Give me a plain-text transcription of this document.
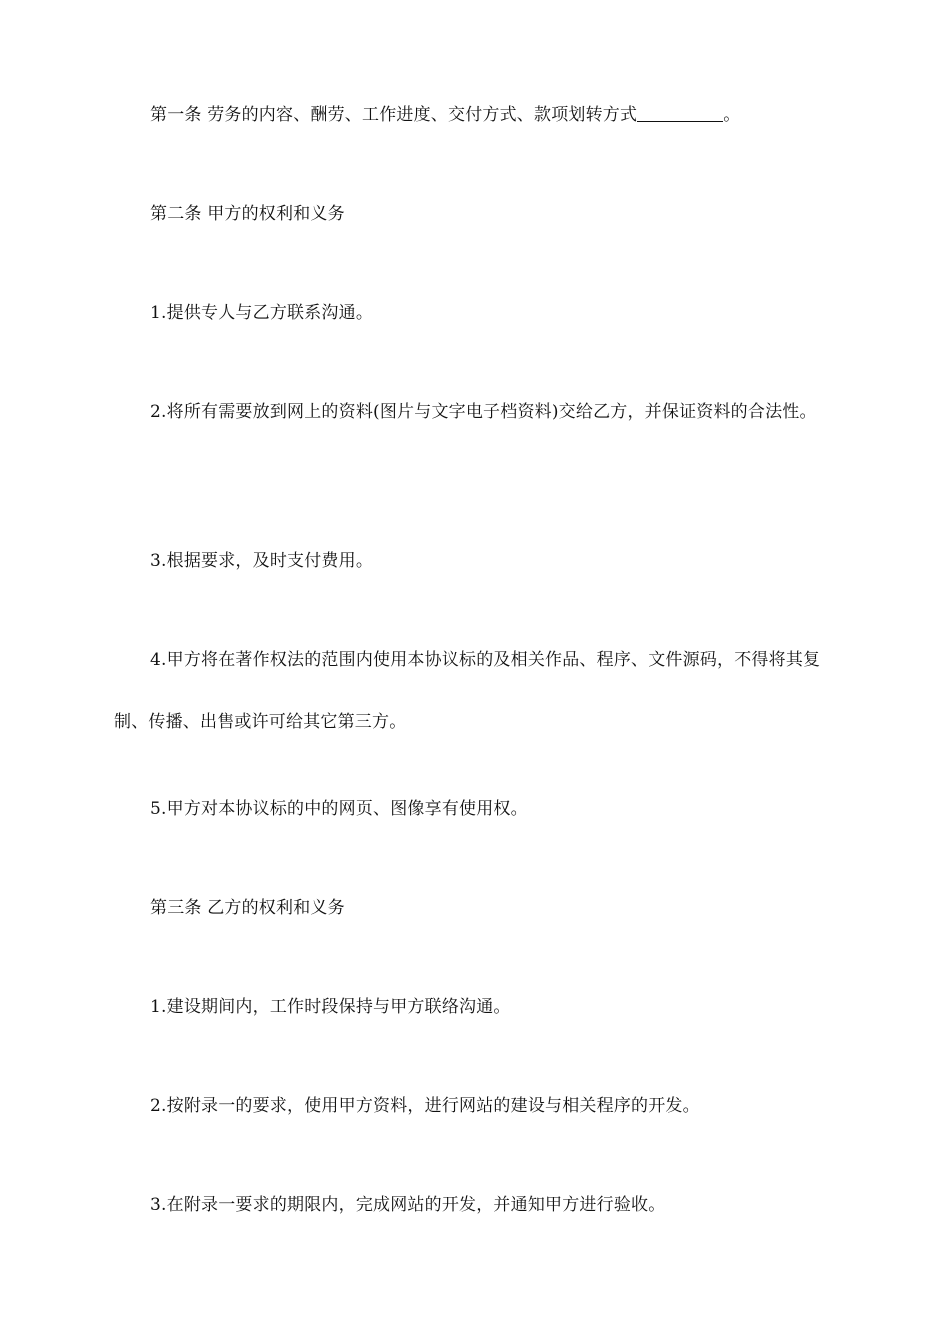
第一条 劳务的内容、酬劳、工作进度、交付方式、款项划转方式	。

第二条 甲方的权利和义务

1.提供专人与乙方联系沟通。

2.将所有需要放到网上的资料(图片与文字电子档资料)交给乙方，并保证资料的合法性。

3.根据要求，及时支付费用。

4.甲方将在著作权法的范围内使用本协议标的及相关作品、程序、文件源码，不得将其复制、传播、出售或许可给其它第三方。

5.甲方对本协议标的中的网页、图像享有使用权。

第三条 乙方的权利和义务

1.建设期间内，工作时段保持与甲方联络沟通。

2.按附录一的要求，使用甲方资料，进行网站的建设与相关程序的开发。

3.在附录一要求的期限内，完成网站的开发，并通知甲方进行验收。
